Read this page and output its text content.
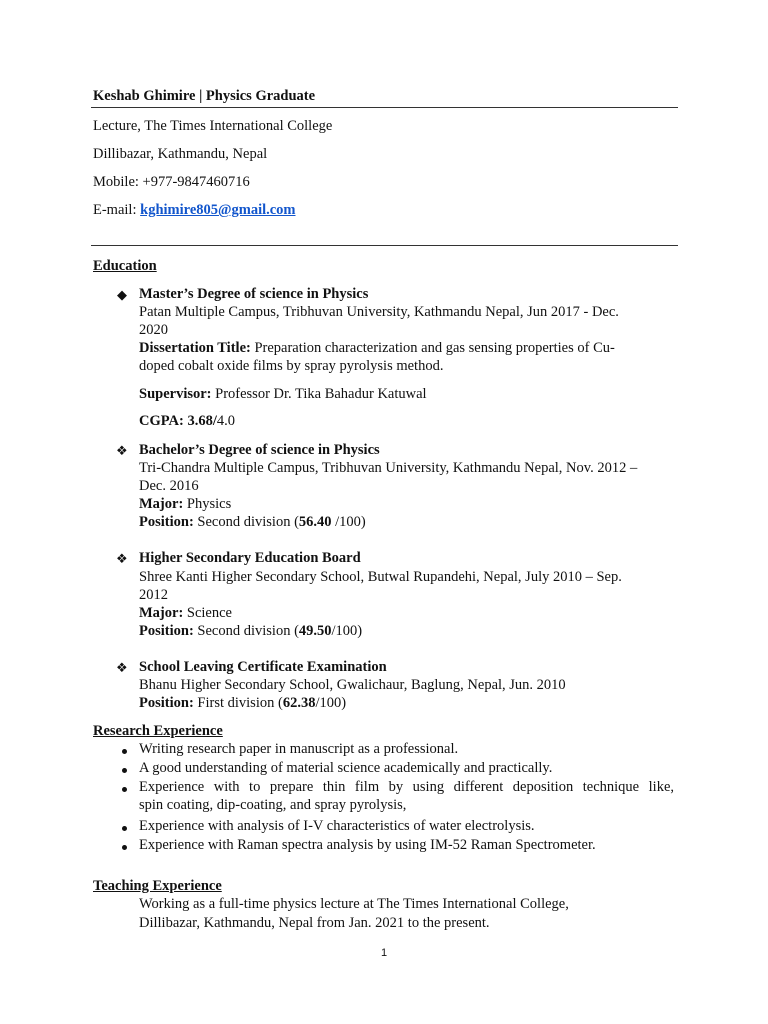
Keshab Ghimire | Physics Graduate
Lecture, The Times International College
Dillibazar, Kathmandu, Nepal
Mobile: +977-9847460716
E-mail: kghimire805@gmail.com
Education
◆ Master’s Degree of science in Physics
Patan Multiple Campus, Tribhuvan University, Kathmandu Nepal, Jun 2017 - Dec.
2020
Dissertation Title: Preparation characterization and gas sensing properties of Cu-
doped cobalt oxide films by spray pyrolysis method.
Supervisor: Professor Dr. Tika Bahadur Katuwal
CGPA: 3.68/4.0
❖ Bachelor’s Degree of science in Physics
Tri-Chandra Multiple Campus, Tribhuvan University, Kathmandu Nepal, Nov. 2012 –
Dec. 2016
Major: Physics
Position: Second division (56.40 /100)
❖ Higher Secondary Education Board
Shree Kanti Higher Secondary School, Butwal Rupandehi, Nepal, July 2010 – Sep.
2012
Major: Science
Position: Second division (49.50/100)
❖ School Leaving Certificate Examination
Bhanu Higher Secondary School, Gwalichaur, Baglung, Nepal, Jun. 2010
Position: First division (62.38/100)
Research Experience
Writing research paper in manuscript as a professional.
A good understanding of material science academically and practically.
Experience with to prepare thin film by using different deposition technique like,
spin coating, dip-coating, and spray pyrolysis,
Experience with analysis of I-V characteristics of water electrolysis.
Experience with Raman spectra analysis by using IM-52 Raman Spectrometer.
Teaching Experience
Working as a full-time physics lecture at The Times International College,
Dillibazar, Kathmandu, Nepal from Jan. 2021 to the present.
1
